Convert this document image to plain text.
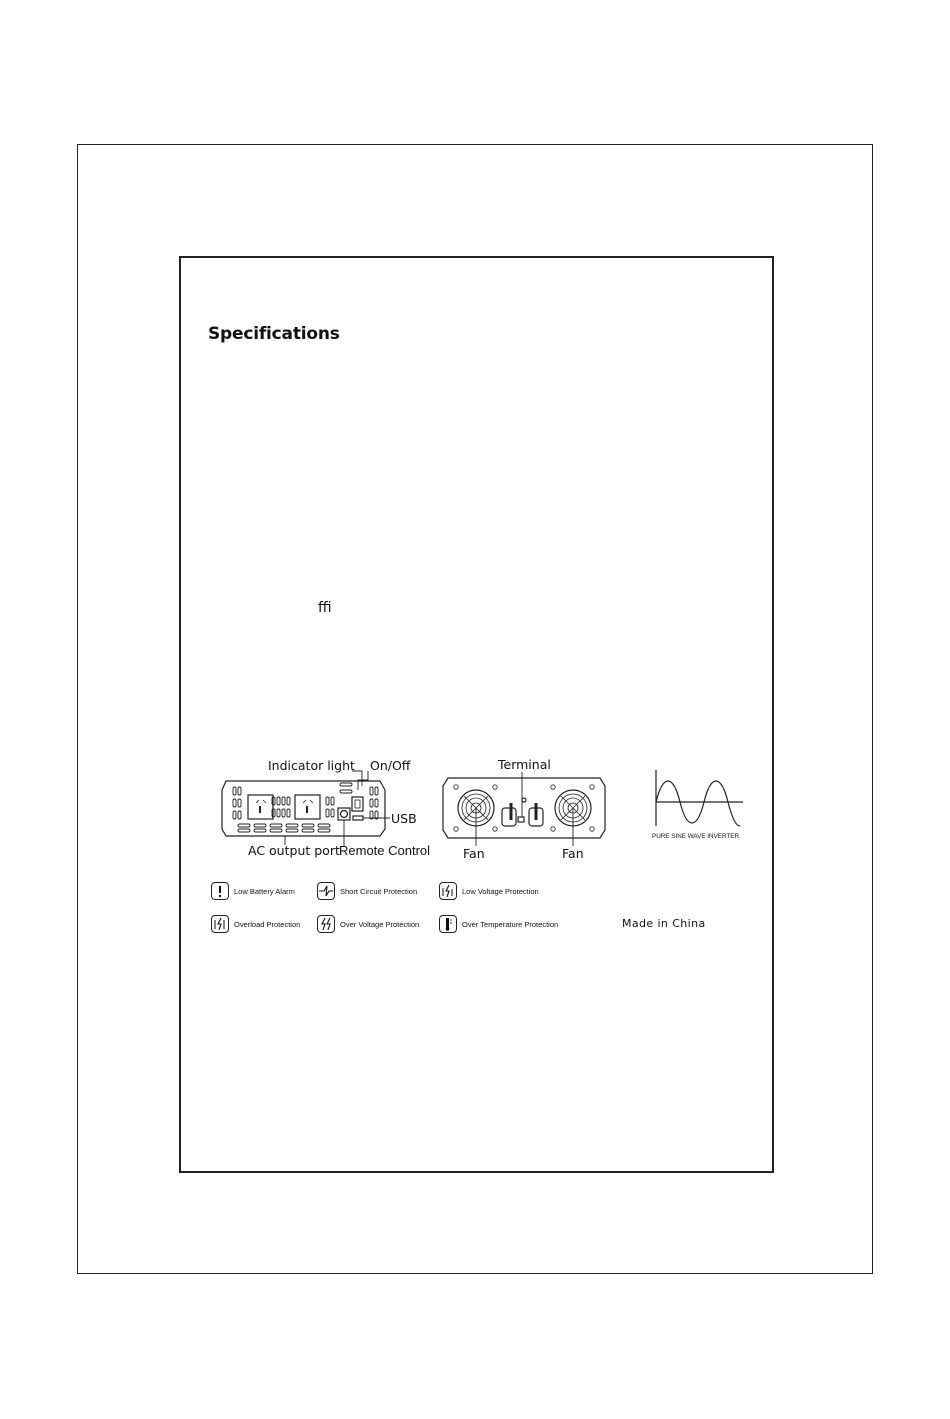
Specifications
ﬃ
Indicator light On/Off
USB
AC output port Remote Control
Terminal
Fan	Fan
PURE SINE WAVE INVERTER
Low Battery Alarm	Short Circuit Protection	Low Voltage Protection
Overload Protection	Over Voltage Protection	Over Temperature Protection	Made in China
